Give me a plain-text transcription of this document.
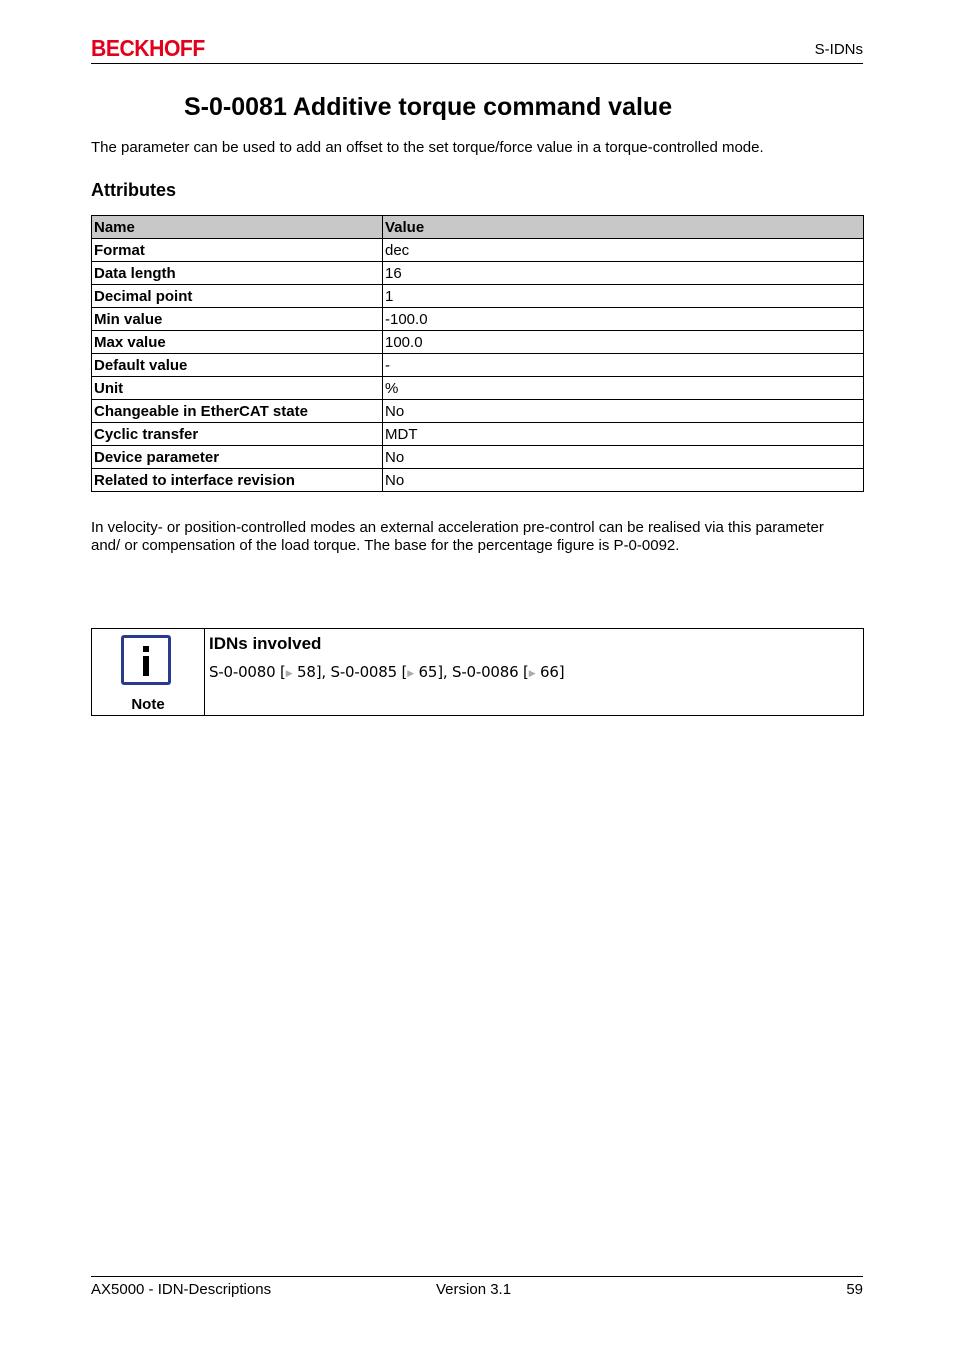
BECKHOFF	S-IDNs
S-0-0081 Additive torque command value

The parameter can be used to add an offset to the set torque/force value in a torque-controlled mode.

Attributes
Name	Value
Format	dec
Data length	16
Decimal point	1
Min value	-100.0
Max value	100.0
Default value	-
Unit	%
Changeable in EtherCAT state	No
Cyclic transfer	MDT
Device parameter	No
Related to interface revision	No

In velocity- or position-controlled modes an external acceleration pre-control can be realised via this parameter and/ or compensation of the load torque. The base for the percentage figure is P-0-0092.

Note
IDNs involved
S-0-0080 [▶ 58], S-0-0085 [▶ 65], S-0-0086 [▶ 66]
AX5000 - IDN-Descriptions	Version 3.1	59
